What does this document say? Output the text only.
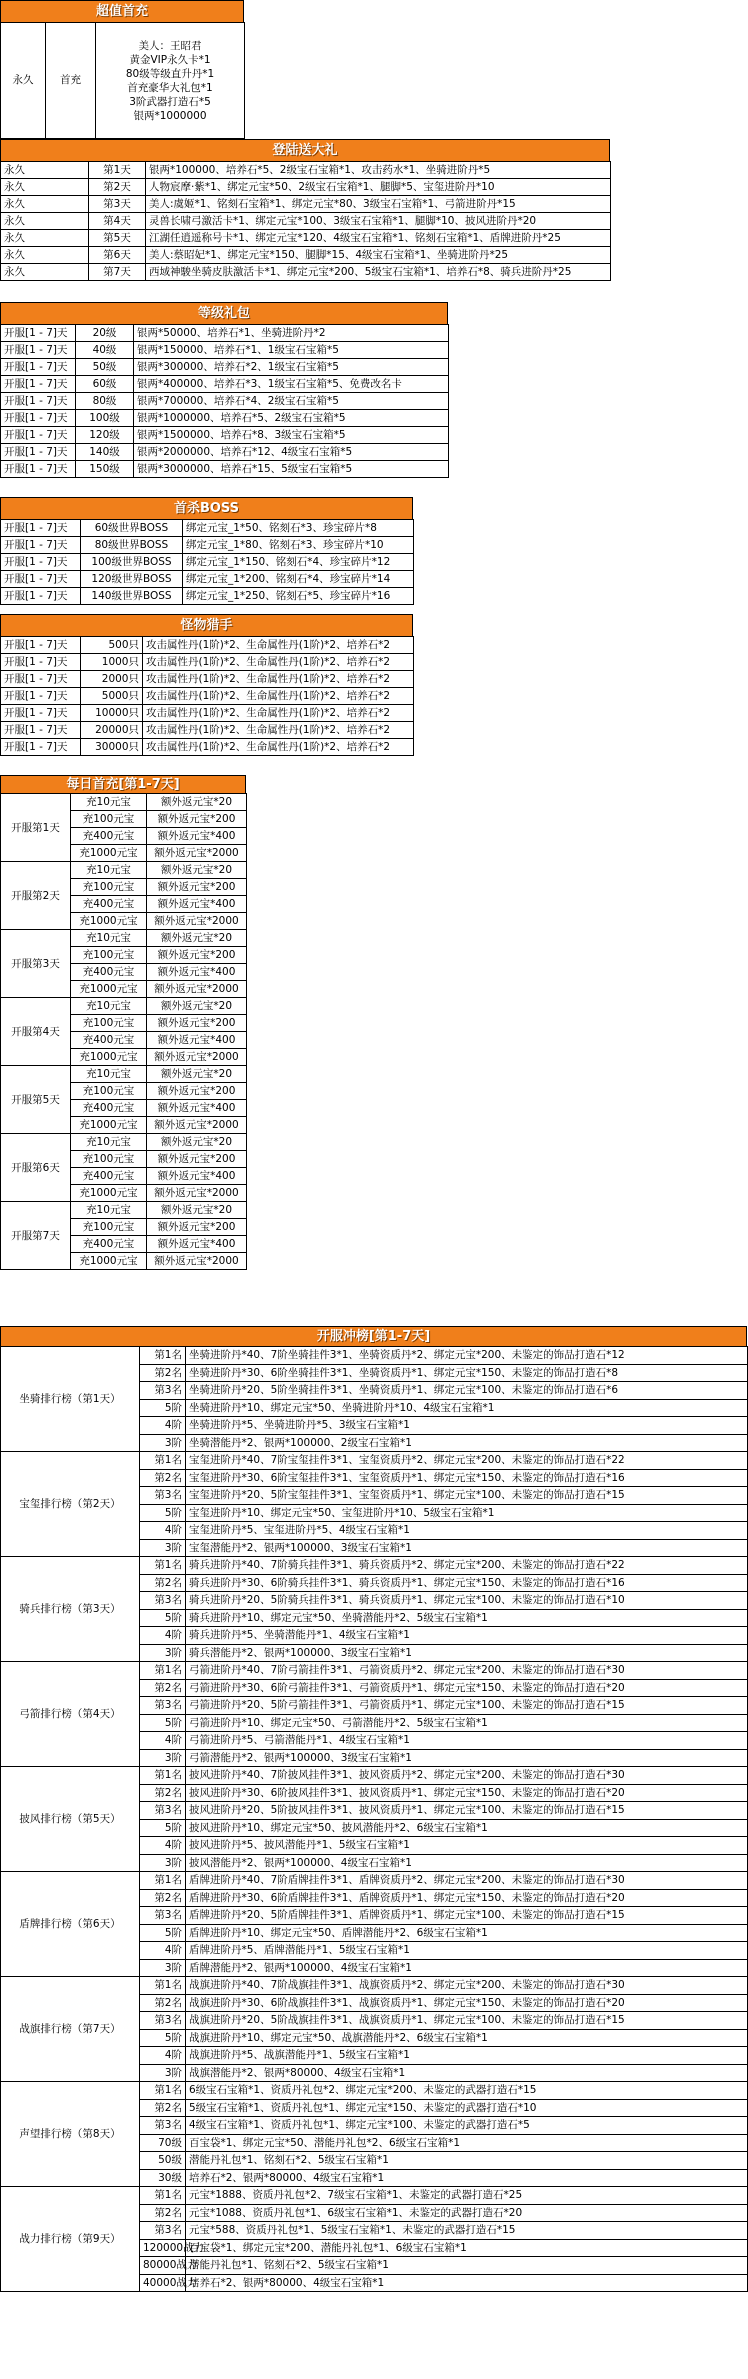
超值首充
永久	首充	
美人：王昭君
黄金VIP永久卡*1
80级等级直升丹*1
首充豪华大礼包*1
3阶武器打造石*5
银两*1000000
登陆送大礼
永久	第1天	银两*100000、培养石*5、2级宝石宝箱*1、攻击药水*1、坐骑进阶丹*5
永久	第2天	人物宸摩·紫*1、绑定元宝*50、2级宝石宝箱*1、腿脚*5、宝玺进阶丹*10
永久	第3天	美人:虞姬*1、铭刻石宝箱*1、绑定元宝*80、3级宝石宝箱*1、弓箭进阶丹*15
永久	第4天	灵兽长啸弓激活卡*1、绑定元宝*100、3级宝石宝箱*1、腿脚*10、披风进阶丹*20
永久	第5天	江湖任逍遥称号卡*1、绑定元宝*120、4级宝石宝箱*1、铭刻石宝箱*1、盾牌进阶丹*25
永久	第6天	美人:蔡昭妃*1、绑定元宝*150、腿脚*15、4级宝石宝箱*1、坐骑进阶丹*25
永久	第7天	西域神駿坐骑皮肤激活卡*1、绑定元宝*200、5级宝石宝箱*1、培养石*8、骑兵进阶丹*25
等级礼包
开服[1 - 7]天	20级	银两*50000、培养石*1、坐骑进阶丹*2
开服[1 - 7]天	40级	银两*150000、培养石*1、1级宝石宝箱*5
开服[1 - 7]天	50级	银两*300000、培养石*2、1级宝石宝箱*5
开服[1 - 7]天	60级	银两*400000、培养石*3、1级宝石宝箱*5、免费改名卡
开服[1 - 7]天	80级	银两*700000、培养石*4、2级宝石宝箱*5
开服[1 - 7]天	100级	银两*1000000、培养石*5、2级宝石宝箱*5
开服[1 - 7]天	120级	银两*1500000、培养石*8、3级宝石宝箱*5
开服[1 - 7]天	140级	银两*2000000、培养石*12、4级宝石宝箱*5
开服[1 - 7]天	150级	银两*3000000、培养石*15、5级宝石宝箱*5
首杀BOSS
开服[1 - 7]天	60级世界BOSS	绑定元宝_1*50、铭刻石*3、珍宝碎片*8
开服[1 - 7]天	80级世界BOSS	绑定元宝_1*80、铭刻石*3、珍宝碎片*10
开服[1 - 7]天	100级世界BOSS	绑定元宝_1*150、铭刻石*4、珍宝碎片*12
开服[1 - 7]天	120级世界BOSS	绑定元宝_1*200、铭刻石*4、珍宝碎片*14
开服[1 - 7]天	140级世界BOSS	绑定元宝_1*250、铭刻石*5、珍宝碎片*16
怪物猎手
开服[1 - 7]天	500只	攻击属性丹(1阶)*2、生命属性丹(1阶)*2、培养石*2
开服[1 - 7]天	1000只	攻击属性丹(1阶)*2、生命属性丹(1阶)*2、培养石*2
开服[1 - 7]天	2000只	攻击属性丹(1阶)*2、生命属性丹(1阶)*2、培养石*2
开服[1 - 7]天	5000只	攻击属性丹(1阶)*2、生命属性丹(1阶)*2、培养石*2
开服[1 - 7]天	10000只	攻击属性丹(1阶)*2、生命属性丹(1阶)*2、培养石*2
开服[1 - 7]天	20000只	攻击属性丹(1阶)*2、生命属性丹(1阶)*2、培养石*2
开服[1 - 7]天	30000只	攻击属性丹(1阶)*2、生命属性丹(1阶)*2、培养石*2
每日首充[第1-7天]
开服第1天	充10元宝	额外返元宝*20
	充100元宝	额外返元宝*200
	充400元宝	额外返元宝*400
	充1000元宝	额外返元宝*2000
开服第2天	充10元宝	额外返元宝*20
	充100元宝	额外返元宝*200
	充400元宝	额外返元宝*400
	充1000元宝	额外返元宝*2000
开服第3天	充10元宝	额外返元宝*20
	充100元宝	额外返元宝*200
	充400元宝	额外返元宝*400
	充1000元宝	额外返元宝*2000
开服第4天	充10元宝	额外返元宝*20
	充100元宝	额外返元宝*200
	充400元宝	额外返元宝*400
	充1000元宝	额外返元宝*2000
开服第5天	充10元宝	额外返元宝*20
	充100元宝	额外返元宝*200
	充400元宝	额外返元宝*400
	充1000元宝	额外返元宝*2000
开服第6天	充10元宝	额外返元宝*20
	充100元宝	额外返元宝*200
	充400元宝	额外返元宝*400
	充1000元宝	额外返元宝*2000
开服第7天	充10元宝	额外返元宝*20
	充100元宝	额外返元宝*200
	充400元宝	额外返元宝*400
	充1000元宝	额外返元宝*2000
开服冲榜[第1-7天]
坐骑排行榜（第1天）	第1名	坐骑进阶丹*40、7阶坐骑挂件3*1、坐骑资质丹*2、绑定元宝*200、未鉴定的饰品打造石*12
	第2名	坐骑进阶丹*30、6阶坐骑挂件3*1、坐骑资质丹*1、绑定元宝*150、未鉴定的饰品打造石*8
	第3名	坐骑进阶丹*20、5阶坐骑挂件3*1、坐骑资质丹*1、绑定元宝*100、未鉴定的饰品打造石*6
	5阶	坐骑进阶丹*10、绑定元宝*50、坐骑进阶丹*10、4级宝石宝箱*1
	4阶	坐骑进阶丹*5、坐骑进阶丹*5、3级宝石宝箱*1
	3阶	坐骑潜能丹*2、银两*100000、2级宝石宝箱*1
宝玺排行榜（第2天）	第1名	宝玺进阶丹*40、7阶宝玺挂件3*1、宝玺资质丹*2、绑定元宝*200、未鉴定的饰品打造石*22
	第2名	宝玺进阶丹*30、6阶宝玺挂件3*1、宝玺资质丹*1、绑定元宝*150、未鉴定的饰品打造石*16
	第3名	宝玺进阶丹*20、5阶宝玺挂件3*1、宝玺资质丹*1、绑定元宝*100、未鉴定的饰品打造石*15
	5阶	宝玺进阶丹*10、绑定元宝*50、宝玺进阶丹*10、5级宝石宝箱*1
	4阶	宝玺进阶丹*5、宝玺进阶丹*5、4级宝石宝箱*1
	3阶	宝玺潜能丹*2、银两*100000、3级宝石宝箱*1
骑兵排行榜（第3天）	第1名	骑兵进阶丹*40、7阶骑兵挂件3*1、骑兵资质丹*2、绑定元宝*200、未鉴定的饰品打造石*22
	第2名	骑兵进阶丹*30、6阶骑兵挂件3*1、骑兵资质丹*1、绑定元宝*150、未鉴定的饰品打造石*16
	第3名	骑兵进阶丹*20、5阶骑兵挂件3*1、骑兵资质丹*1、绑定元宝*100、未鉴定的饰品打造石*10
	5阶	骑兵进阶丹*10、绑定元宝*50、坐骑潜能丹*2、5级宝石宝箱*1
	4阶	骑兵进阶丹*5、坐骑潜能丹*1、4级宝石宝箱*1
	3阶	骑兵潜能丹*2、银两*100000、3级宝石宝箱*1
弓箭排行榜（第4天）	第1名	弓箭进阶丹*40、7阶弓箭挂件3*1、弓箭资质丹*2、绑定元宝*200、未鉴定的饰品打造石*30
	第2名	弓箭进阶丹*30、6阶弓箭挂件3*1、弓箭资质丹*1、绑定元宝*150、未鉴定的饰品打造石*20
	第3名	弓箭进阶丹*20、5阶弓箭挂件3*1、弓箭资质丹*1、绑定元宝*100、未鉴定的饰品打造石*15
	5阶	弓箭进阶丹*10、绑定元宝*50、弓箭潜能丹*2、5级宝石宝箱*1
	4阶	弓箭进阶丹*5、弓箭潜能丹*1、4级宝石宝箱*1
	3阶	弓箭潜能丹*2、银两*100000、3级宝石宝箱*1
披风排行榜（第5天）	第1名	披风进阶丹*40、7阶披风挂件3*1、披风资质丹*2、绑定元宝*200、未鉴定的饰品打造石*30
	第2名	披风进阶丹*30、6阶披风挂件3*1、披风资质丹*1、绑定元宝*150、未鉴定的饰品打造石*20
	第3名	披风进阶丹*20、5阶披风挂件3*1、披风资质丹*1、绑定元宝*100、未鉴定的饰品打造石*15
	5阶	披风进阶丹*10、绑定元宝*50、披风潜能丹*2、6级宝石宝箱*1
	4阶	披风进阶丹*5、披风潜能丹*1、5级宝石宝箱*1
	3阶	披风潜能丹*2、银两*100000、4级宝石宝箱*1
盾牌排行榜（第6天）	第1名	盾牌进阶丹*40、7阶盾牌挂件3*1、盾牌资质丹*2、绑定元宝*200、未鉴定的饰品打造石*30
	第2名	盾牌进阶丹*30、6阶盾牌挂件3*1、盾牌资质丹*1、绑定元宝*150、未鉴定的饰品打造石*20
	第3名	盾牌进阶丹*20、5阶盾牌挂件3*1、盾牌资质丹*1、绑定元宝*100、未鉴定的饰品打造石*15
	5阶	盾牌进阶丹*10、绑定元宝*50、盾牌潜能丹*2、6级宝石宝箱*1
	4阶	盾牌进阶丹*5、盾牌潜能丹*1、5级宝石宝箱*1
	3阶	盾牌潜能丹*2、银两*100000、4级宝石宝箱*1
战旗排行榜（第7天）	第1名	战旗进阶丹*40、7阶战旗挂件3*1、战旗资质丹*2、绑定元宝*200、未鉴定的饰品打造石*30
	第2名	战旗进阶丹*30、6阶战旗挂件3*1、战旗资质丹*1、绑定元宝*150、未鉴定的饰品打造石*20
	第3名	战旗进阶丹*20、5阶战旗挂件3*1、战旗资质丹*1、绑定元宝*100、未鉴定的饰品打造石*15
	5阶	战旗进阶丹*10、绑定元宝*50、战旗潜能丹*2、6级宝石宝箱*1
	4阶	战旗进阶丹*5、战旗潜能丹*1、5级宝石宝箱*1
	3阶	战旗潜能丹*2、银两*80000、4级宝石宝箱*1
声望排行榜（第8天）	第1名	6级宝石宝箱*1、资质丹礼包*2、绑定元宝*200、未鉴定的武器打造石*15
	第2名	5级宝石宝箱*1、资质丹礼包*1、绑定元宝*150、未鉴定的武器打造石*10
	第3名	4级宝石宝箱*1、资质丹礼包*1、绑定元宝*100、未鉴定的武器打造石*5
	70级	百宝袋*1、绑定元宝*50、潜能丹礼包*2、6级宝石宝箱*1
	50级	潜能丹礼包*1、铭刻石*2、5级宝石宝箱*1
	30级	培养石*2、银两*80000、4级宝石宝箱*1
战力排行榜（第9天）	第1名	元宝*1888、资质丹礼包*2、7级宝石宝箱*1、未鉴定的武器打造石*25
	第2名	元宝*1088、资质丹礼包*1、6级宝石宝箱*1、未鉴定的武器打造石*20
	第3名	元宝*588、资质丹礼包*1、5级宝石宝箱*1、未鉴定的武器打造石*15
	120000战力	百宝袋*1、绑定元宝*200、潜能丹礼包*1、6级宝石宝箱*1
	80000战力	潜能丹礼包*1、铭刻石*2、5级宝石宝箱*1
	40000战力	培养石*2、银两*80000、4级宝石宝箱*1
